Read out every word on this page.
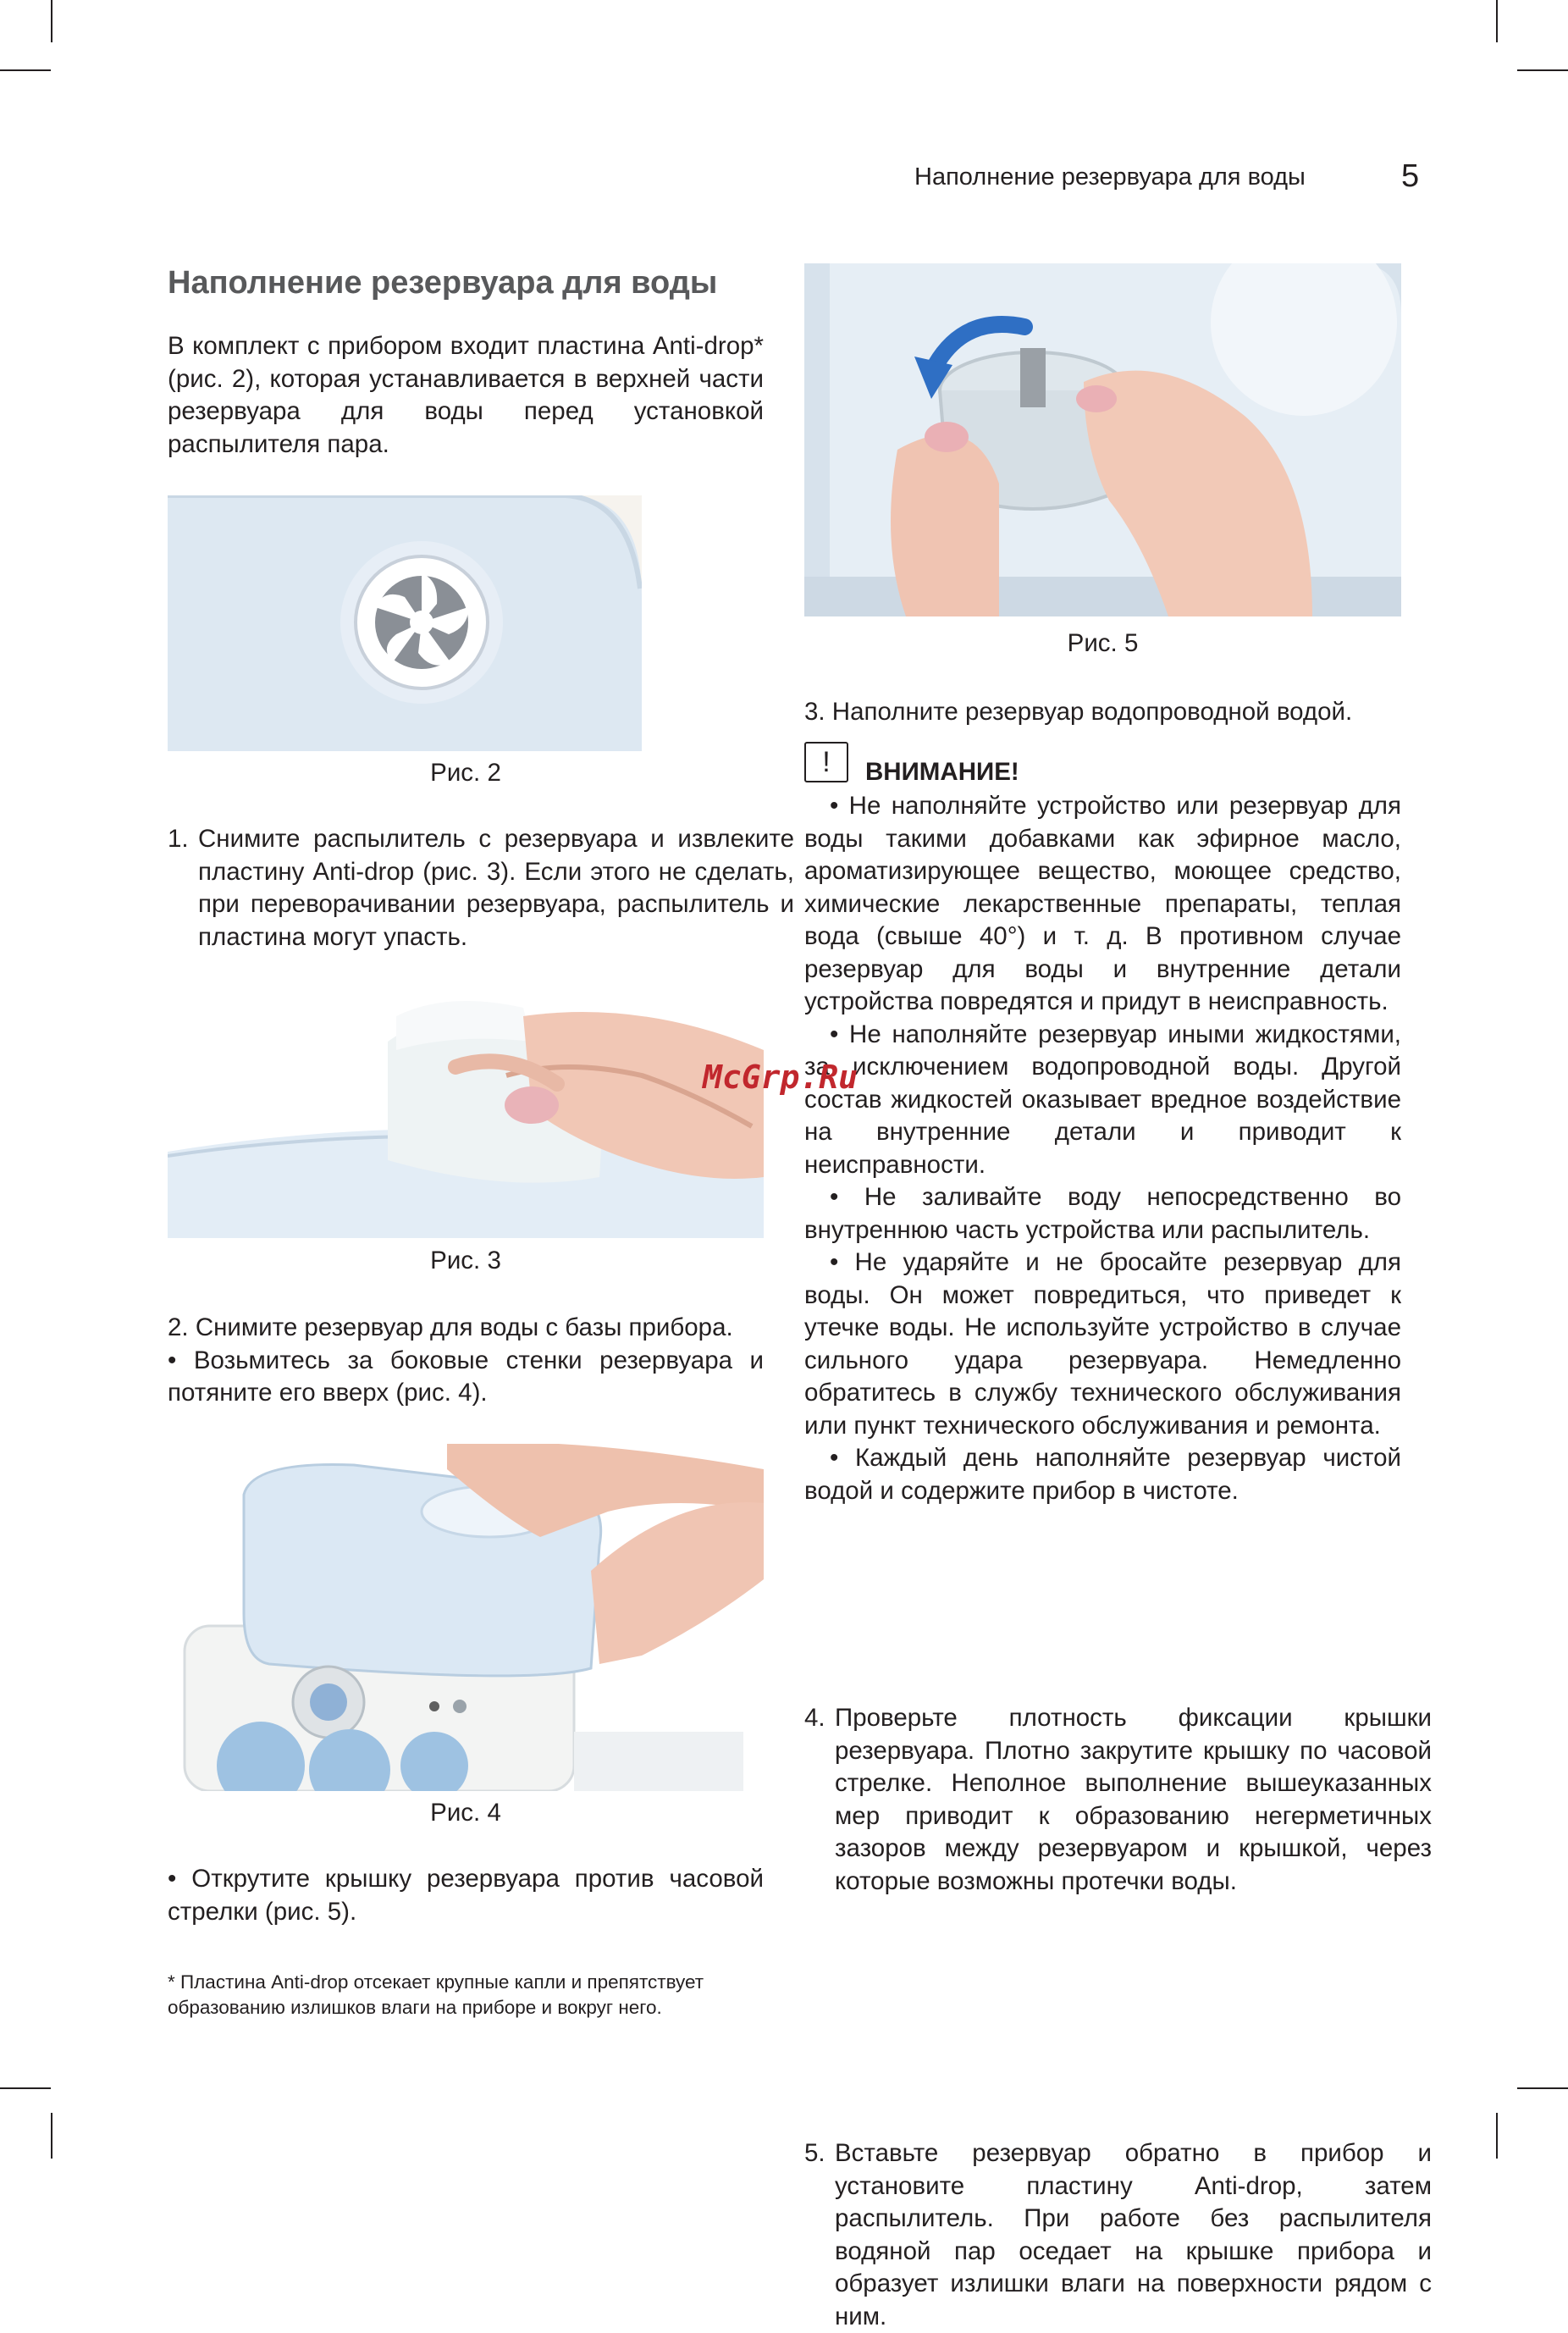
Наполнение резервуара для воды	5
Наполнение резервуара для воды

В комплект с прибором входит пластина Anti-drop* (рис. 2), которая устанавливается в верхней части резервуара для воды перед установкой распылителя пара.

Рис. 2
1. Снимите распылитель с резервуара и извлеките пластину Anti-drop (рис. 3). Если этого не сделать, при переворачивании резервуара, распылитель и пластина могут упасть.
Рис. 3
2. Снимите резервуар для воды с базы прибора.
• Возьмитесь за боковые стенки резервуара и потяните его вверх (рис. 4).
Рис. 4

• Открутите крышку резервуара против часовой стрелки (рис. 5).

* Пластина Anti-drop отсекает крупные капли и препятствует образованию излишков влаги на приборе и вокруг него.

Рис. 5

3. Наполните резервуар водопроводной водой.

!	ВНИМАНИЕ!
• Не наполняйте устройство или резервуар для воды такими добавками как эфирное масло, ароматизирующее вещество, моющее средство, химические лекарственные препараты, теплая вода (свыше 40°) и т. д. В противном случае резервуар для воды и внутренние детали устройства повредятся и придут в неисправность.
• Не наполняйте резервуар иными жидкостями, за исключением водопроводной воды. Другой состав жидкостей оказывает вредное воздействие на внутренние детали и приводит к неисправности.
• Не заливайте воду непосредственно во внутреннюю часть устройства или распылитель.
• Не ударяйте и не бросайте резервуар для воды. Он может повредиться, что приведет к утечке воды. Не используйте устройство в случае сильного удара резервуара. Немедленно обратитесь в службу технического обслуживания или пункт технического обслуживания и ремонта.
• Каждый день наполняйте резервуар чистой водой и содержите прибор в чистоте.
4. Проверьте плотность фиксации крышки резервуара. Плотно закрутите крышку по часовой стрелке. Неполное выполнение вышеуказанных мер приводит к образованию негерметичных зазоров между резервуаром и крышкой, через которые возможны протечки воды.
5. Вставьте резервуар обратно в прибор и установите пластину Anti-drop, затем распылитель. При работе без распылителя водяной пар оседает на крышке прибора и образует излишки влаги на поверхности рядом с ним.
McGrp.Ru
